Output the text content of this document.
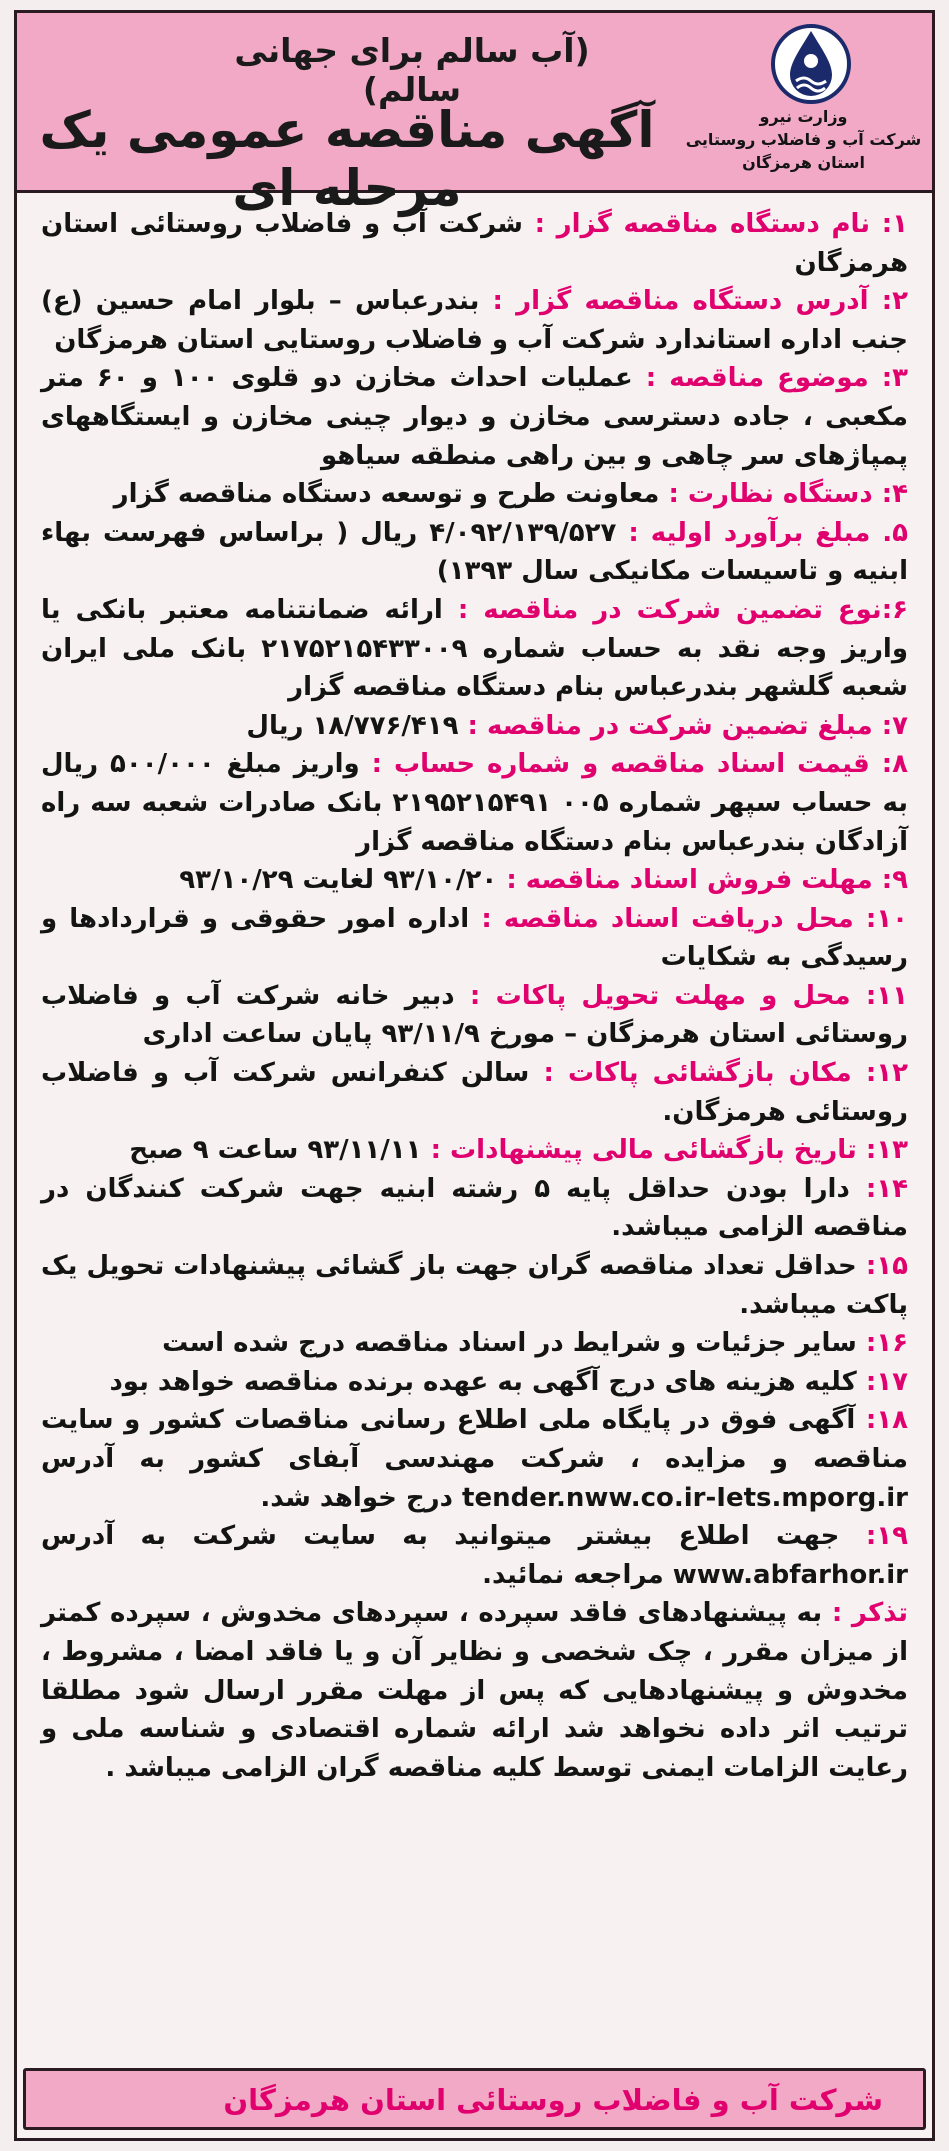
(آب سالم برای جهانی سالم)
آگهی مناقصه عمومی یک مرحله ای
وزارت نیرو
شرکت آب و فاضلاب روستایی
استان هرمزگان

۱: نام دستگاه مناقصه گزار : شرکت آب و فاضلاب روستائی استان هرمزگان

۲: آدرس دستگاه مناقصه گزار : بندرعباس – بلوار امام حسین (ع) جنب اداره استاندارد شرکت آب و فاضلاب روستایی استان هرمزگان

۳: موضوع مناقصه : عملیات احداث مخازن دو قلوی ۱۰۰ و ۶۰ متر مکعبی ، جاده دسترسی مخازن و دیوار چینی مخازن و ایستگاههای پمپاژهای سر چاهی و بین راهی منطقه سیاهو

۴: دستگاه نظارت : معاونت طرح و توسعه دستگاه مناقصه گزار

۵. مبلغ برآورد اولیه : ۴/۰۹۲/۱۳۹/۵۲۷ ریال ( براساس فهرست بهاء ابنیه و تاسیسات مکانیکی سال ۱۳۹۳)

۶:نوع تضمین شرکت در مناقصه : ارائه ضمانتنامه معتبر بانکی یا واریز وجه نقد به حساب شماره ۲۱۷۵۲۱۵۴۳۳۰۰۹ بانک ملی ایران شعبه گلشهر بندرعباس بنام دستگاه مناقصه گزار

۷: مبلغ تضمین شرکت در مناقصه : ۱۸/۷۷۶/۴۱۹ ریال

۸: قیمت اسناد مناقصه و شماره حساب : واریز مبلغ ۵۰۰/۰۰۰ ریال به حساب سپهر شماره ۰۰۵ ۲۱۹۵۲۱۵۴۹۱ بانک صادرات شعبه سه راه آزادگان بندرعباس بنام دستگاه مناقصه گزار

۹: مهلت فروش اسناد مناقصه : ۹۳/۱۰/۲۰ لغایت ۹۳/۱۰/۲۹

۱۰: محل دریافت اسناد مناقصه : اداره امور حقوقی و قراردادها و رسیدگی به شکایات

۱۱: محل و مهلت تحویل پاکات : دبیر خانه شرکت آب و فاضلاب روستائی استان هرمزگان – مورخ ۹۳/۱۱/۹ پایان ساعت اداری

۱۲: مکان بازگشائی پاکات : سالن کنفرانس شرکت آب و فاضلاب روستائی هرمزگان.

۱۳: تاریخ بازگشائی مالی پیشنهادات : ۹۳/۱۱/۱۱ ساعت ۹ صبح

۱۴: دارا بودن حداقل پایه ۵ رشته ابنیه جهت شرکت کنندگان در مناقصه الزامی میباشد.

۱۵: حداقل تعداد مناقصه گران جهت باز گشائی پیشنهادات تحویل یک پاکت میباشد.

۱۶: سایر جزئیات و شرایط در اسناد مناقصه درج شده است

۱۷: کلیه هزینه های درج آگهی به عهده برنده مناقصه خواهد بود

۱۸: آگهی فوق در پایگاه ملی اطلاع رسانی مناقصات کشور و سایت مناقصه و مزایده ، شرکت مهندسی آبفای کشور به آدرس tender.nww.co.ir-Iets.mporg.ir درج خواهد شد.

۱۹: جهت اطلاع بیشتر میتوانید به سایت شرکت به آدرس www.abfarhor.ir مراجعه نمائید.

تذکر : به پیشنهادهای فاقد سپرده ، سپردهای مخدوش ، سپرده کمتر از میزان مقرر ، چک شخصی و نظایر آن و یا فاقد امضا ، مشروط ، مخدوش و پیشنهادهایی که پس از مهلت مقرر ارسال شود مطلقا ترتیب اثر داده نخواهد شد ارائه شماره اقتصادی و شناسه ملی و رعایت الزامات ایمنی توسط کلیه مناقصه گران الزامی میباشد .

شرکت آب و فاضلاب روستائی استان هرمزگان
